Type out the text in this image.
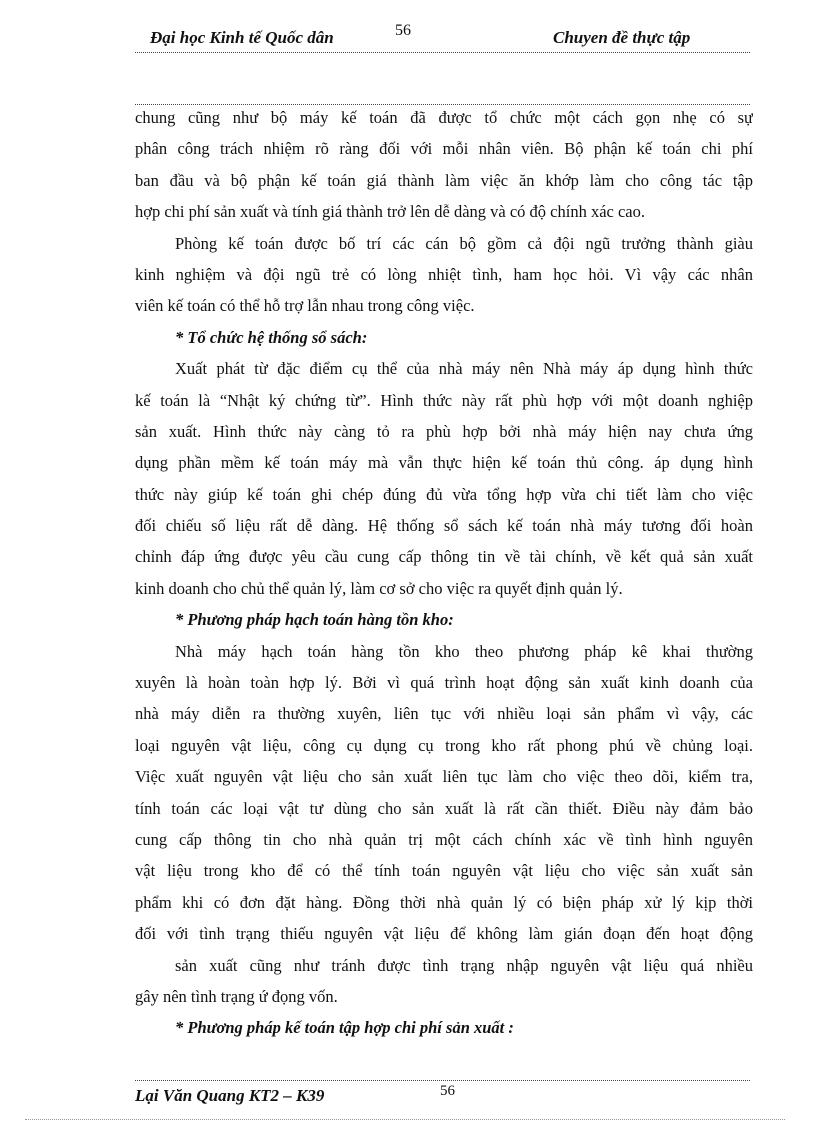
Đại học Kinh tế Quốc dân	56	Chuyen đề thực tập
chung cũng như bộ máy kế toán đã được tổ chức một cách gọn nhẹ có sự
phân công trách nhiệm rõ ràng đối với mỗi nhân viên. Bộ phận kế toán chi phí
ban đầu và bộ phận kế toán giá thành làm việc ăn khớp làm cho công tác tập
hợp chi phí sản xuất và tính giá thành trở lên dễ dàng và có độ chính xác cao.
Phòng kế toán được bố trí các cán bộ gồm cả đội ngũ trưởng thành giàu
kinh nghiệm và đội ngũ trẻ có lòng nhiệt tình, ham học hỏi. Vì vậy các nhân
viên kế toán có thể hỗ trợ lẫn nhau trong công việc.
* Tổ chức hệ thống sổ sách:
Xuất phát từ đặc điểm cụ thể của nhà máy nên Nhà máy áp dụng hình thức
kế toán là “Nhật ký chứng từ”. Hình thức này rất phù hợp với một doanh nghiệp
sản xuất. Hình thức này càng tỏ ra phù hợp bởi nhà máy hiện nay chưa ứng
dụng phần mềm kế toán máy mà vẫn thực hiện kế toán thủ công. áp dụng hình
thức này giúp kế toán ghi chép đúng đủ vừa tổng hợp vừa chi tiết làm cho việc
đối chiếu số liệu rất dễ dàng. Hệ thống sổ sách kế toán nhà máy tương đối hoàn
chỉnh đáp ứng được yêu cầu cung cấp thông tin về tài chính, về kết quả sản xuất
kinh doanh cho chủ thể quản lý, làm cơ sở cho việc ra quyết định quản lý.
* Phương pháp hạch toán hàng tồn kho:
Nhà máy hạch toán hàng tồn kho theo phương pháp kê khai thường
xuyên là hoàn toàn hợp lý. Bởi vì quá trình hoạt động sản xuất kinh doanh của
nhà máy diễn ra thường xuyên, liên tục với nhiều loại sản phẩm vì vậy, các
loại nguyên vật liệu, công cụ dụng cụ trong kho rất phong phú về chủng loại.
Việc xuất nguyên vật liệu cho sản xuất liên tục làm cho việc theo dõi, kiểm tra,
tính toán các loại vật tư dùng cho sản xuất là rất cần thiết. Điều này đảm bảo
cung cấp thông tin cho nhà quản trị một cách chính xác về tình hình nguyên
vật liệu trong kho để có thể tính toán nguyên vật liệu cho việc sản xuất sản
phẩm khi có đơn đặt hàng. Đồng thời nhà quản lý có biện pháp xử lý kịp thời
đối với tình trạng thiếu nguyên vật liệu để không làm gián đoạn đến hoạt động
sản xuất cũng như tránh được tình trạng nhập nguyên vật liệu quá nhiều
gây nên tình trạng ứ đọng vốn.
* Phương pháp kế toán tập hợp chi phí sản xuất :
Lại Văn Quang KT2 – K39	56
